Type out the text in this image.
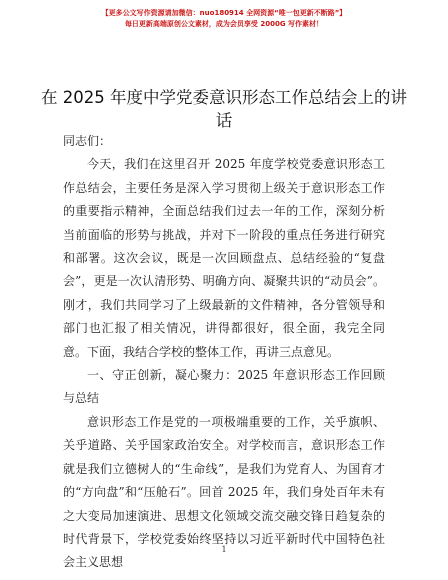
【更多公文写作资源请加微信：nuo180914 全网资源“唯一包更新不断路”】
每日更新高端原创公文素材，成为会员享受 2000G 写作素材！
在 2025 年度中学党委意识形态工作总结会上的讲话

同志们：

今天，我们在这里召开 2025 年度学校党委意识形态工作总结会，主要任务是深入学习贯彻上级关于意识形态工作的重要指示精神，全面总结我们过去一年的工作，深刻分析当前面临的形势与挑战，并对下一阶段的重点任务进行研究和部署。这次会议，既是一次回顾盘点、总结经验的“复盘会”，更是一次认清形势、明确方向、凝聚共识的“动员会”。刚才，我们共同学习了上级最新的文件精神，各分管领导和部门也汇报了相关情况，讲得都很好，很全面，我完全同意。下面，我结合学校的整体工作，再讲三点意见。

一、守正创新，凝心聚力：2025 年意识形态工作回顾与总结

意识形态工作是党的一项极端重要的工作，关乎旗帜、关乎道路、关乎国家政治安全。对学校而言，意识形态工作就是我们立德树人的“生命线”，是我们为党育人、为国育才的“方向盘”和“压舱石”。回首 2025 年，我们身处百年未有之大变局加速演进、思想文化领域交流交融交锋日趋复杂的时代背景下，学校党委始终坚持以习近平新时代中国特色社会主义思想

1
